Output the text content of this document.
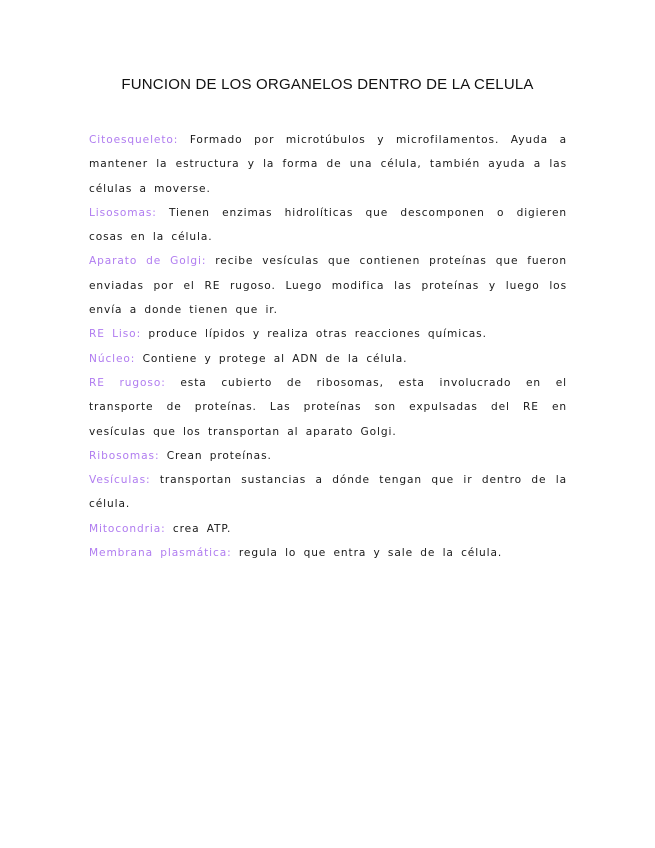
FUNCION DE LOS ORGANELOS DENTRO DE LA CELULA

Citoesqueleto: Formado por microtúbulos y microfilamentos. Ayuda a mantener la estructura y la forma de una célula, también ayuda a las células a moverse.

Lisosomas: Tienen enzimas hidrolíticas que descomponen o digieren cosas en la célula.

Aparato de Golgi: recibe vesículas que contienen proteínas que fueron enviadas por el RE rugoso. Luego modifica las proteínas y luego los envía a donde tienen que ir.

RE Liso: produce lípidos y realiza otras reacciones químicas.

Núcleo: Contiene y protege al ADN de la célula.

RE rugoso: esta cubierto de ribosomas, esta involucrado en el transporte de proteínas. Las proteínas son expulsadas del RE en vesículas que los transportan al aparato Golgi.

Ribosomas: Crean proteínas.

Vesículas: transportan sustancias a dónde tengan que ir dentro de la célula.

Mitocondria: crea ATP.

Membrana plasmática: regula lo que entra y sale de la célula.
